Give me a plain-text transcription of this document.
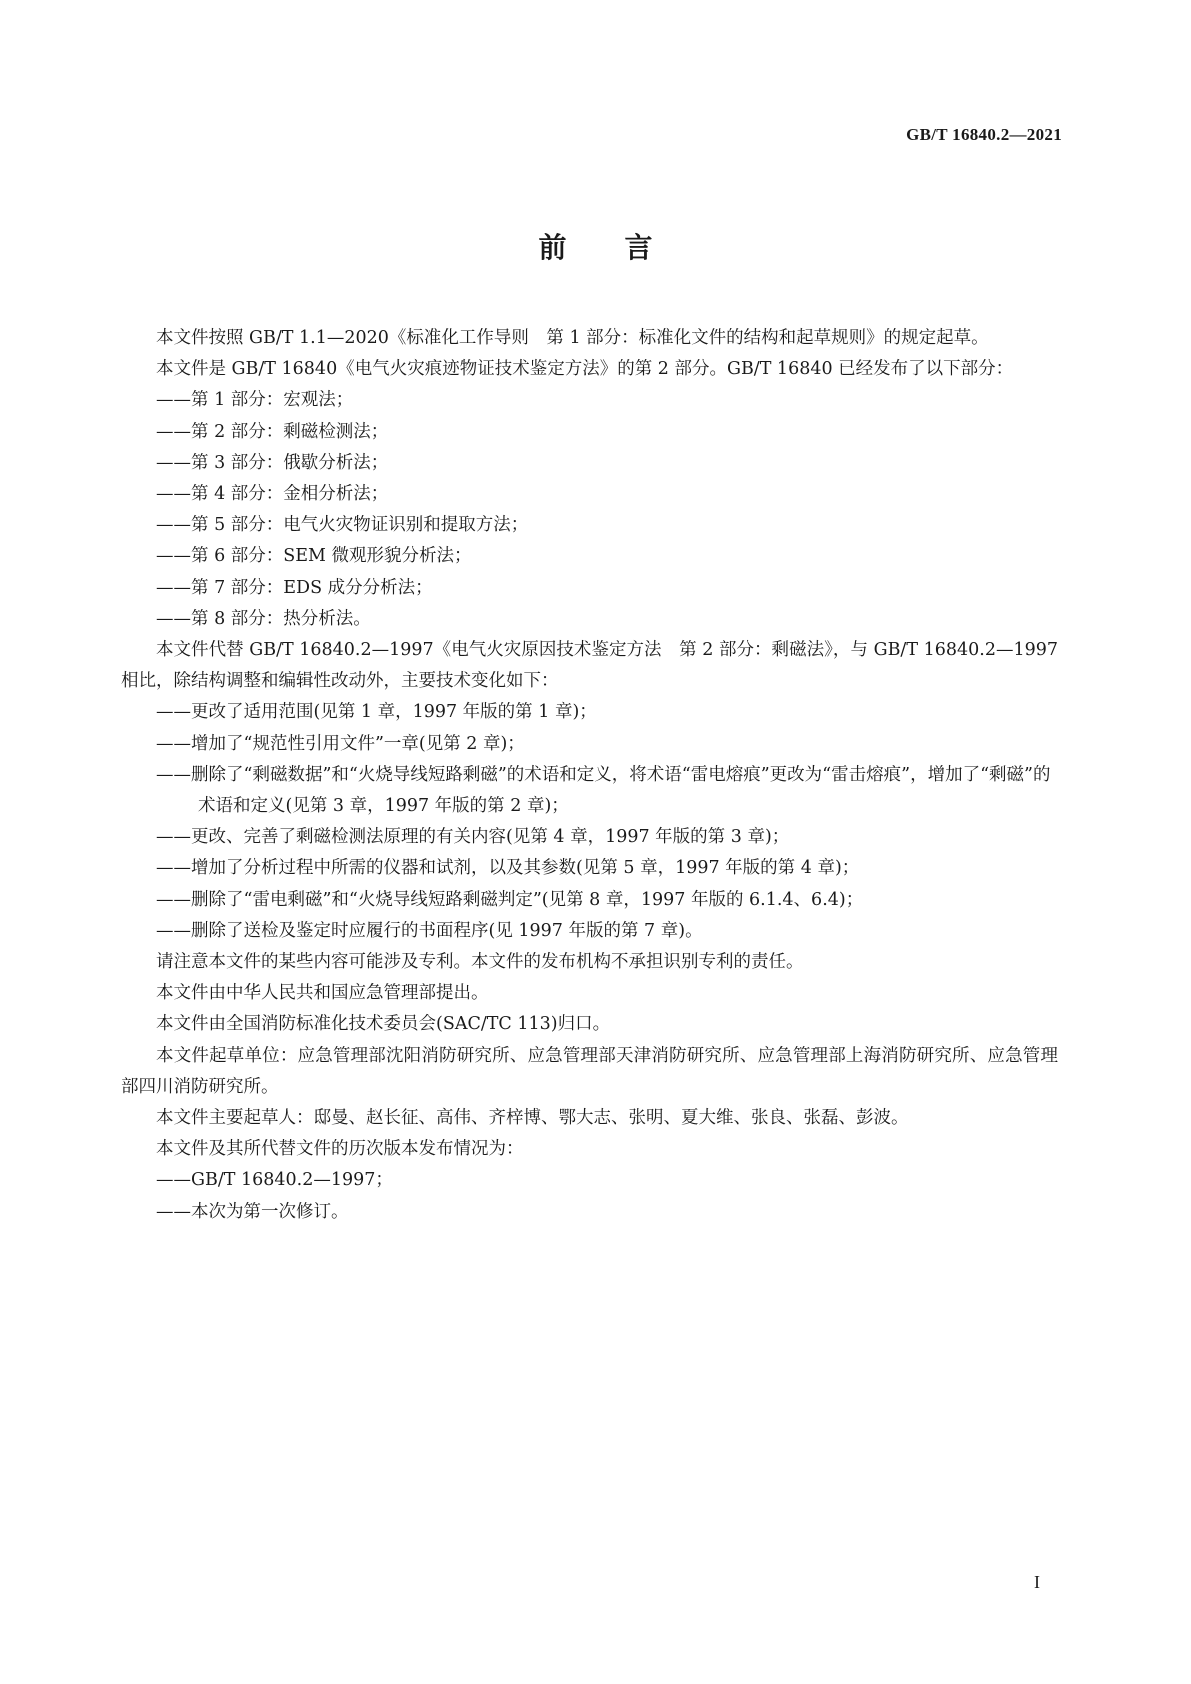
GB/T 16840.2—2021
前言

本文件按照 GB/T 1.1—2020《标准化工作导则　第 1 部分：标准化文件的结构和起草规则》的规定起草。

本文件是 GB/T 16840《电气火灾痕迹物证技术鉴定方法》的第 2 部分。GB/T 16840 已经发布了以下部分：

——第 1 部分：宏观法；

——第 2 部分：剩磁检测法；

——第 3 部分：俄歇分析法；

——第 4 部分：金相分析法；

——第 5 部分：电气火灾物证识别和提取方法；

——第 6 部分：SEM 微观形貌分析法；

——第 7 部分：EDS 成分分析法；

——第 8 部分：热分析法。

本文件代替 GB/T 16840.2—1997《电气火灾原因技术鉴定方法　第 2 部分：剩磁法》，与 GB/T 16840.2—1997 相比，除结构调整和编辑性改动外，主要技术变化如下：

——更改了适用范围(见第 1 章，1997 年版的第 1 章)；

——增加了“规范性引用文件”一章(见第 2 章)；

——删除了“剩磁数据”和“火烧导线短路剩磁”的术语和定义，将术语“雷电熔痕”更改为“雷击熔痕”，增加了“剩磁”的术语和定义(见第 3 章，1997 年版的第 2 章)；

——更改、完善了剩磁检测法原理的有关内容(见第 4 章，1997 年版的第 3 章)；

——增加了分析过程中所需的仪器和试剂，以及其参数(见第 5 章，1997 年版的第 4 章)；

——删除了“雷电剩磁”和“火烧导线短路剩磁判定”(见第 8 章，1997 年版的 6.1.4、6.4)；

——删除了送检及鉴定时应履行的书面程序(见 1997 年版的第 7 章)。

请注意本文件的某些内容可能涉及专利。本文件的发布机构不承担识别专利的责任。

本文件由中华人民共和国应急管理部提出。

本文件由全国消防标准化技术委员会(SAC/TC 113)归口。

本文件起草单位：应急管理部沈阳消防研究所、应急管理部天津消防研究所、应急管理部上海消防研究所、应急管理部四川消防研究所。

本文件主要起草人：邸曼、赵长征、高伟、齐梓博、鄂大志、张明、夏大维、张良、张磊、彭波。

本文件及其所代替文件的历次版本发布情况为：

——GB/T 16840.2—1997；

——本次为第一次修订。

I
